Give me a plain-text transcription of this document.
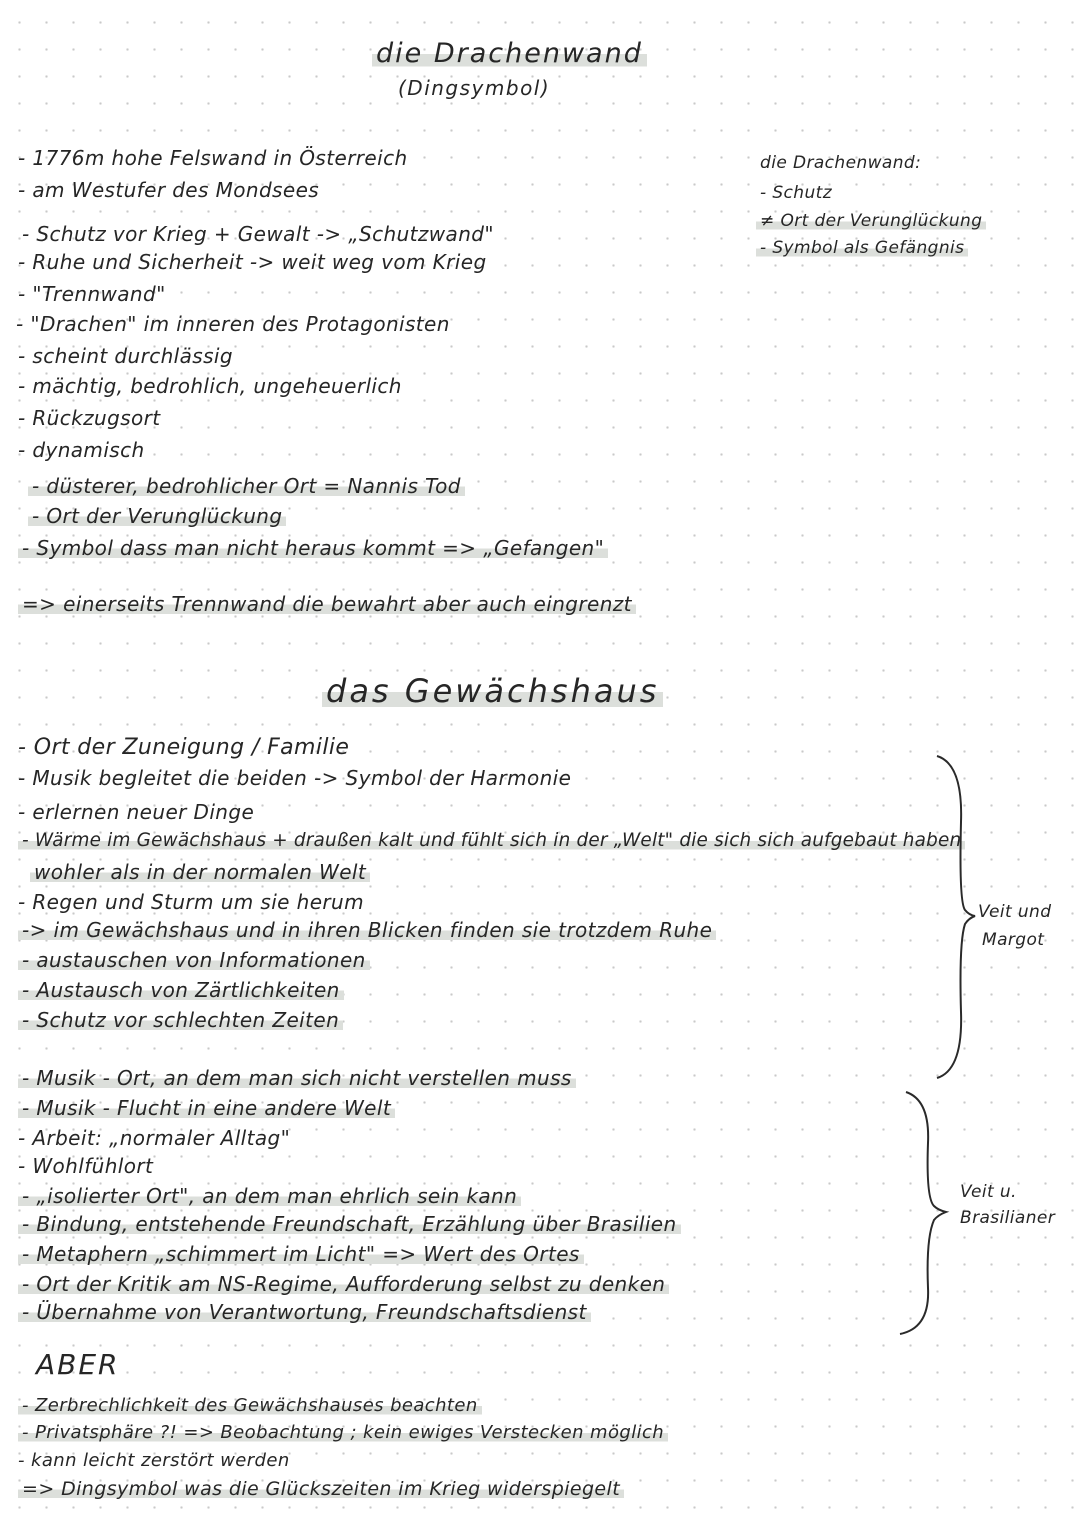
die Drachenwand
(Dingsymbol)
- 1776m hohe Felswand in Österreich
- am Westufer des Mondsees
- Schutz vor Krieg + Gewalt -> „Schutzwand"
- Ruhe und Sicherheit -> weit weg vom Krieg
- "Trennwand"
- "Drachen" im inneren des Protagonisten
- scheint durchlässig
- mächtig, bedrohlich, ungeheuerlich
- Rückzugsort
- dynamisch
- düsterer, bedrohlicher Ort = Nannis Tod
- Ort der Verunglückung
- Symbol dass man nicht heraus kommt => „Gefangen"
=> einerseits Trennwand die bewahrt aber auch eingrenzt
die Drachenwand:
- Schutz
≠ Ort der Verunglückung
- Symbol als Gefängnis
das Gewächshaus
- Ort der Zuneigung / Familie
- Musik begleitet die beiden -> Symbol der Harmonie
- erlernen neuer Dinge
- Wärme im Gewächshaus + draußen kalt und fühlt sich in der „Welt" die sich sich aufgebaut haben
wohler als in der normalen Welt
- Regen und Sturm um sie herum
-> im Gewächshaus und in ihren Blicken finden sie trotzdem Ruhe
- austauschen von Informationen
- Austausch von Zärtlichkeiten
- Schutz vor schlechten Zeiten
Veit und
Margot
- Musik - Ort, an dem man sich nicht verstellen muss
- Musik - Flucht in eine andere Welt
- Arbeit: „normaler Alltag"
- Wohlfühlort
- „isolierter Ort", an dem man ehrlich sein kann
- Bindung, entstehende Freundschaft, Erzählung über Brasilien
- Metaphern „schimmert im Licht" => Wert des Ortes
- Ort der Kritik am NS-Regime, Aufforderung selbst zu denken
- Übernahme von Verantwortung, Freundschaftsdienst
Veit u.
Brasilianer
ABER
- Zerbrechlichkeit des Gewächshauses beachten
- Privatsphäre ?! => Beobachtung ; kein ewiges Verstecken möglich
- kann leicht zerstört werden
=> Dingsymbol was die Glückszeiten im Krieg widerspiegelt
